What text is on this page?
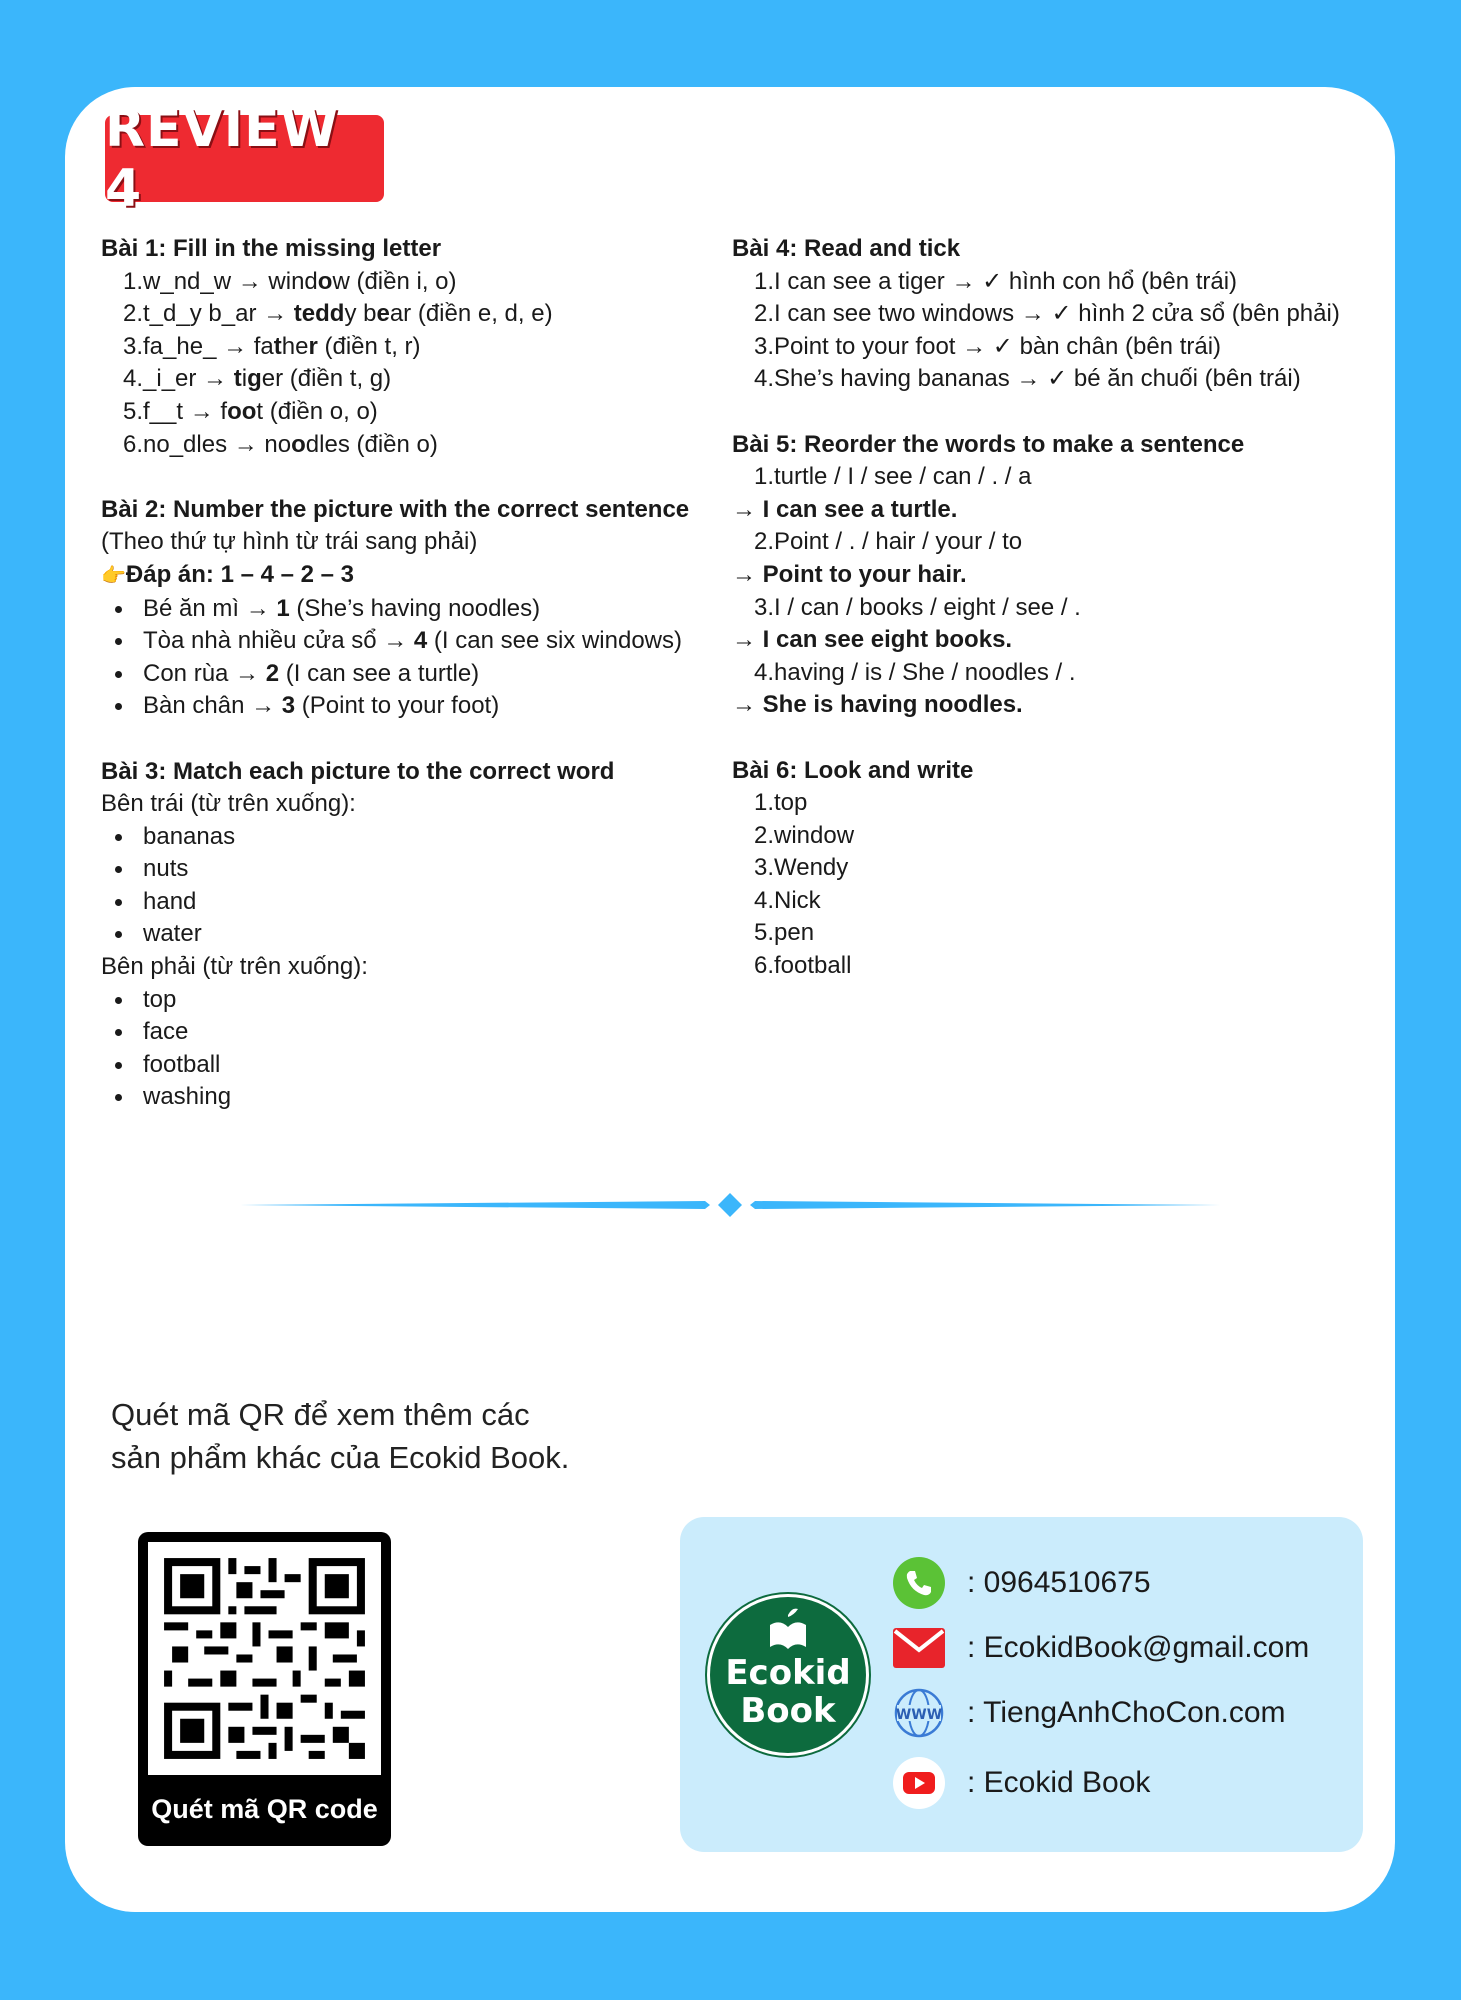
REVIEW 4

Bài 1: Fill in the missing letter

1.w_nd_w → window (điền i, o)

2.t_d_y b_ar → teddy bear (điền e, d, e)

3.fa_he_ → father (điền t, r)

4._i_er → tiger (điền t, g)

5.f__t → foot (điền o, o)

6.no_dles → noodles (điền o)

Bài 2: Number the picture with the correct sentence

(Theo thứ tự hình từ trái sang phải)

👉Đáp án: 1 – 4 – 2 – 3

Bé ăn mì → 1 (She’s having noodles)

Tòa nhà nhiều cửa sổ → 4 (I can see six windows)

Con rùa → 2 (I can see a turtle)

Bàn chân → 3 (Point to your foot)

Bài 3: Match each picture to the correct word

Bên trái (từ trên xuống):

bananas

nuts

hand

water

Bên phải (từ trên xuống):

top

face

football

washing

Bài 4: Read and tick

1.I can see a tiger → ✓ hình con hổ (bên trái)

2.I can see two windows → ✓ hình 2 cửa sổ (bên phải)

3.Point to your foot → ✓ bàn chân (bên trái)

4.She’s having bananas → ✓ bé ăn chuối (bên trái)

Bài 5: Reorder the words to make a sentence

1.turtle / I / see / can / . / a

→ I can see a turtle.

2.Point / . / hair / your / to

→ Point to your hair.

3.I / can / books / eight / see / .

→ I can see eight books.

4.having / is / She / noodles / .

→ She is having noodles.

Bài 6: Look and write

1.top

2.window

3.Wendy

4.Nick

5.pen

6.football

Quét mã QR để xem thêm các
sản phẩm khác của Ecokid Book.
Quét mã QR code
Ecokid
Book
: 0964510675
: EcokidBook@gmail.com
WWW : TiengAnhChoCon.com
: Ecokid Book
